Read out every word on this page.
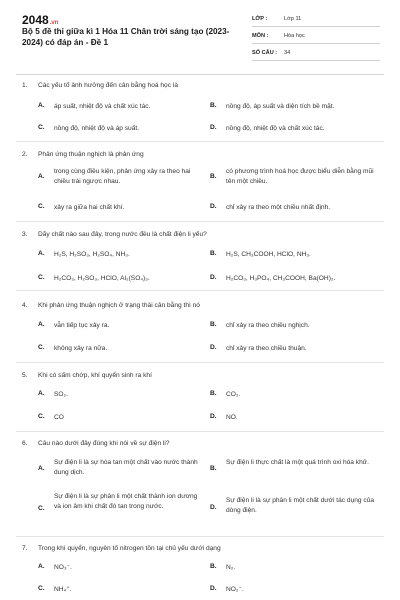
2048.vn
Bộ 5 đề thi giữa kì 1 Hóa 11 Chân trời sáng tạo (2023-2024) có đáp án - Đề 1
LỚP :	Lớp 11
MÔN :	Hóa học
SỐ CÂU : 34
1. Các yếu tố ảnh hưởng đến cân bằng hoá học là
A. áp suất, nhiệt độ và chất xúc tác.	B. nồng độ, áp suất và diện tích bề mặt.
C. nồng độ, nhiệt độ và áp suất.	D. nồng độ, nhiệt độ và chất xúc tác.
2. Phản ứng thuận nghịch là phản ứng
A.
trong cùng điều kiện, phản ứng xảy ra theo hai chiều trái ngược nhau.
B.
có phương trình hoá học được biểu diễn bằng mũi tên một chiều.
C. xảy ra giữa hai chất khí.	D. chỉ xảy ra theo một chiều nhất định.
3. Dãy chất nào sau đây, trong nước đều là chất điện li yếu?
A. H₂S, H₂SO₃, H₂SO₄, NH₃.	B. H₂S, CH₃COOH, HClO, NH₃.
C. H₂CO₃, H₂SO₃, HClO, Al₂(SO₄)₃.	D. H₂CO₃, H₃PO₄, CH₃COOH, Ba(OH)₂.
4. Khi phản ứng thuận nghịch ở trạng thái cân bằng thì nó
A. vẫn tiếp tục xảy ra.	B. chỉ xảy ra theo chiều nghịch.
C. không xảy ra nữa.	D. chỉ xảy ra theo chiều thuận.
5. Khi có sấm chớp, khí quyển sinh ra khí
A. SO₂.	B. CO₂.
C. CO	D. NO.
6. Câu nào dưới đây đúng khi nói về sự điện li?
A.
Sự điện li là sự hòa tan một chất vào nước thành dung dịch.
B.
Sự điện li thực chất là một quá trình oxi hóa khử.
C.
Sự điện li là sự phân li một chất thành ion dương và ion âm khi chất đó tan trong nước.	D.
Sự điện li là sự phân li một chất dưới tác dụng của dòng điện.
7. Trong khí quyển, nguyên tố nitrogen tồn tại chủ yếu dưới dạng
A. NO₃⁻.	B. N₂.
C. NH₄⁺.	D. NO₂⁻.
